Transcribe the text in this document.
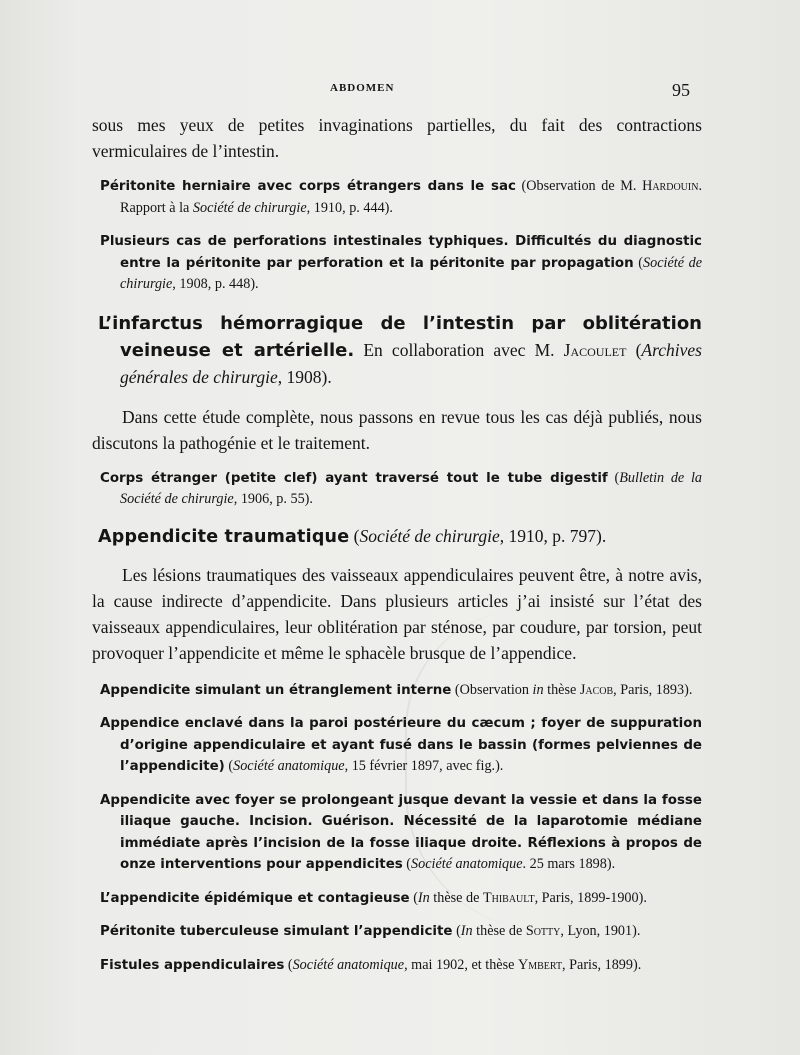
ABDOMEN	95

sous mes yeux de petites invaginations partielles, du fait des contractions vermiculaires de l’intestin.

Péritonite herniaire avec corps étrangers dans le sac (Observation de M. Hardouin. Rapport à la Société de chirurgie, 1910, p. 444).

Plusieurs cas de perforations intestinales typhiques. Difficultés du diagnostic entre la péritonite par perforation et la péritonite par propagation (Société de chirurgie, 1908, p. 448).

L’infarctus hémorragique de l’intestin par oblitération veineuse et artérielle. En collaboration avec M. Jacoulet (Archives générales de chirurgie, 1908).

Dans cette étude complète, nous passons en revue tous les cas déjà publiés, nous discutons la pathogénie et le traitement.

Corps étranger (petite clef) ayant traversé tout le tube digestif (Bulletin de la Société de chirurgie, 1906, p. 55).

Appendicite traumatique (Société de chirurgie, 1910, p. 797).

Les lésions traumatiques des vaisseaux appendiculaires peuvent être, à notre avis, la cause indirecte d’appendicite. Dans plusieurs articles j’ai insisté sur l’état des vaisseaux appendiculaires, leur oblitération par sténose, par coudure, par torsion, peut provoquer l’appendicite et même le sphacèle brusque de l’appendice.

Appendicite simulant un étranglement interne (Observation in thèse Jacob, Paris, 1893).

Appendice enclavé dans la paroi postérieure du cæcum ; foyer de suppuration d’origine appendiculaire et ayant fusé dans le bassin (formes pelviennes de l’appendicite) (Société anatomique, 15 février 1897, avec fig.).

Appendicite avec foyer se prolongeant jusque devant la vessie et dans la fosse iliaque gauche. Incision. Guérison. Nécessité de la laparotomie médiane immédiate après l’incision de la fosse iliaque droite. Réflexions à propos de onze interventions pour appendicites (Société anatomique. 25 mars 1898).

L’appendicite épidémique et contagieuse (In thèse de Thibault, Paris, 1899-1900).

Péritonite tuberculeuse simulant l’appendicite (In thèse de Sotty, Lyon, 1901).

Fistules appendiculaires (Société anatomique, mai 1902, et thèse Ymbert, Paris, 1899).
